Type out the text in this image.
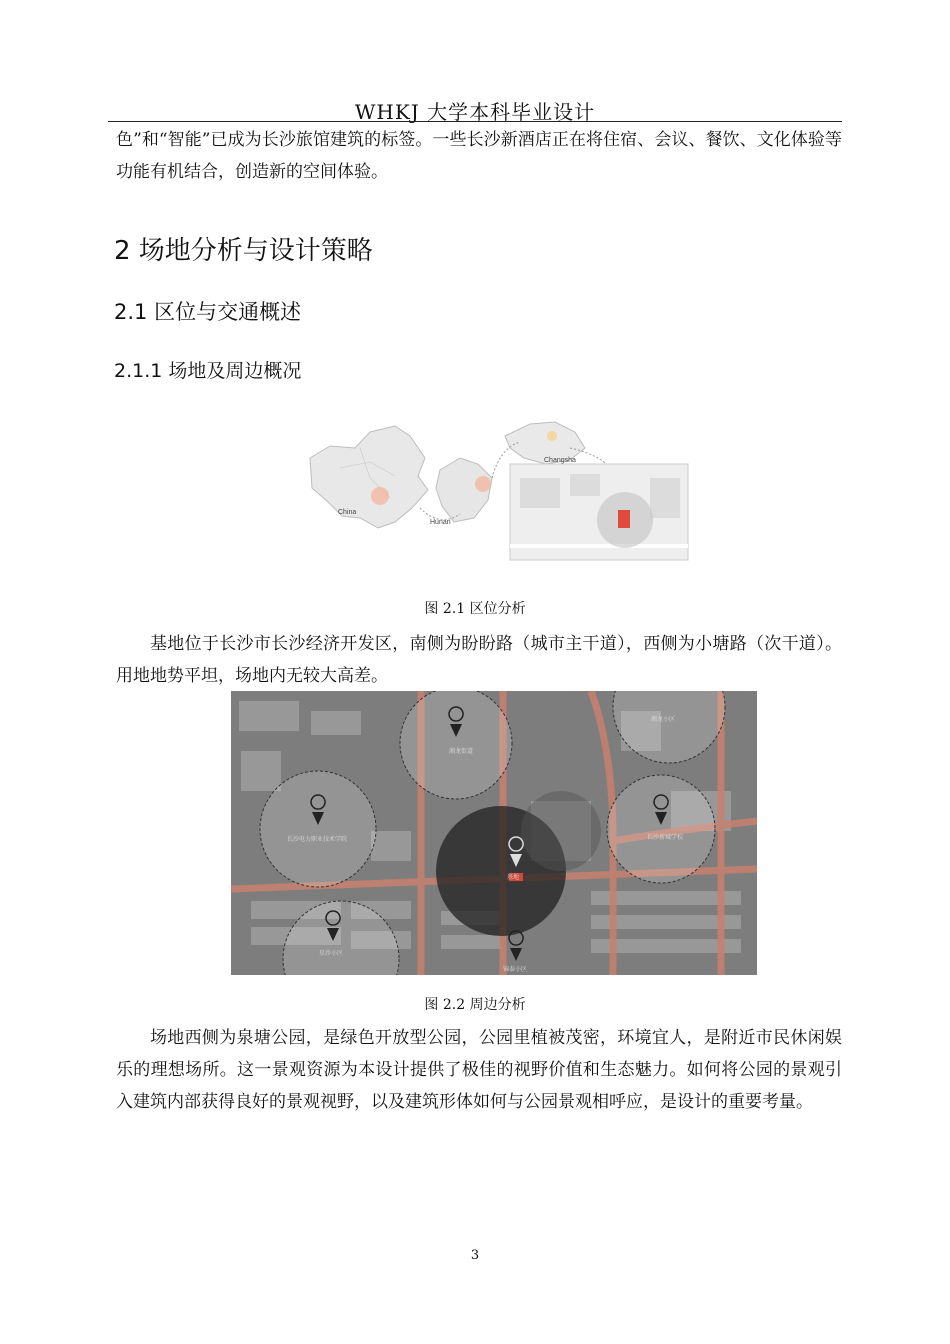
WHKJ 大学本科毕业设计
色”和“智能”已成为长沙旅馆建筑的标签。一些长沙新酒店正在将住宿、会议、餐饮、文化体验等功能有机结合，创造新的空间体验。
2 场地分析与设计策略
2.1 区位与交通概述
2.1.1 场地及周边概况
China
Hunan
Changsha
图 2.1 区位分析
基地位于长沙市长沙经济开发区，南侧为盼盼路（城市主干道），西侧为小塘路（次干道）。用地地势平坦，场地内无较大高差。
湘龙街道
湘龙小区
长沙电力职业技术学院	长沙新城学校
基地
星沙小区
锦泰小区
图 2.2 周边分析
场地西侧为泉塘公园，是绿色开放型公园，公园里植被茂密，环境宜人，是附近市民休闲娱乐的理想场所。这一景观资源为本设计提供了极佳的视野价值和生态魅力。如何将公园的景观引入建筑内部获得良好的景观视野，以及建筑形体如何与公园景观相呼应，是设计的重要考量。
3
